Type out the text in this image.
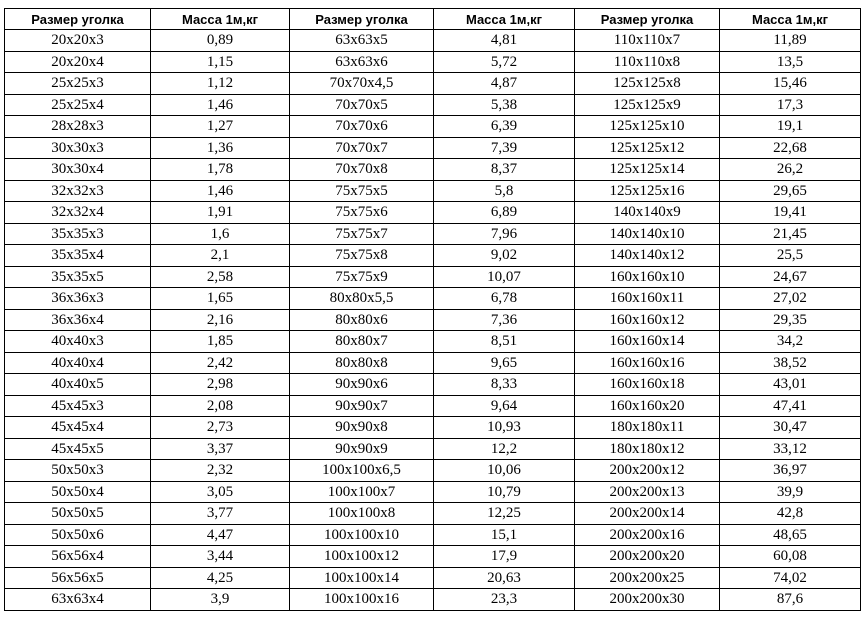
Размер уголка	Масса 1м,кг	Размер уголка	Масса 1м,кг	Размер уголка	Масса 1м,кг
20x20x3	0,89	63x63x5	4,81	110x110x7	11,89
20x20x4	1,15	63x63x6	5,72	110x110x8	13,5
25x25x3	1,12	70x70x4,5	4,87	125x125x8	15,46
25x25x4	1,46	70x70x5	5,38	125x125x9	17,3
28x28x3	1,27	70x70x6	6,39	125x125x10	19,1
30x30x3	1,36	70x70x7	7,39	125x125x12	22,68
30x30x4	1,78	70x70x8	8,37	125x125x14	26,2
32x32x3	1,46	75x75x5	5,8	125x125x16	29,65
32x32x4	1,91	75x75x6	6,89	140x140x9	19,41
35x35x3	1,6	75x75x7	7,96	140x140x10	21,45
35x35x4	2,1	75x75x8	9,02	140x140x12	25,5
35x35x5	2,58	75x75x9	10,07	160x160x10	24,67
36x36x3	1,65	80x80x5,5	6,78	160x160x11	27,02
36x36x4	2,16	80x80x6	7,36	160x160x12	29,35
40x40x3	1,85	80x80x7	8,51	160x160x14	34,2
40x40x4	2,42	80x80x8	9,65	160x160x16	38,52
40x40x5	2,98	90x90x6	8,33	160x160x18	43,01
45x45x3	2,08	90x90x7	9,64	160x160x20	47,41
45x45x4	2,73	90x90x8	10,93	180x180x11	30,47
45x45x5	3,37	90x90x9	12,2	180x180x12	33,12
50x50x3	2,32	100x100x6,5	10,06	200x200x12	36,97
50x50x4	3,05	100x100x7	10,79	200x200x13	39,9
50x50x5	3,77	100x100x8	12,25	200x200x14	42,8
50x50x6	4,47	100x100x10	15,1	200x200x16	48,65
56x56x4	3,44	100x100x12	17,9	200x200x20	60,08
56x56x5	4,25	100x100x14	20,63	200x200x25	74,02
63x63x4	3,9	100x100x16	23,3	200x200x30	87,6
